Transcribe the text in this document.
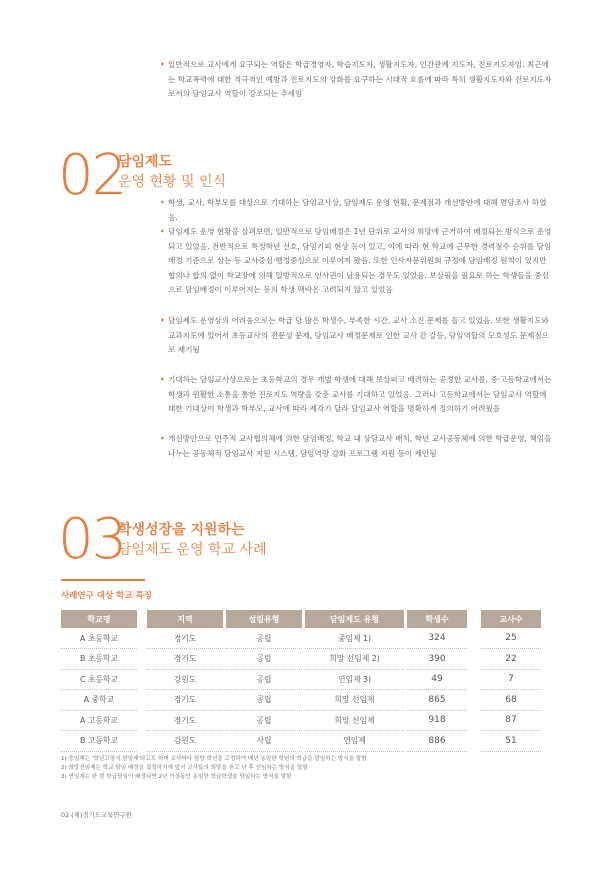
• 일반적으로 교사에게 요구되는 역할은 학급경영자, 학습지도자, 생활지도자, 인간관계 지도자, 진로지도자임. 최근에는 학교폭력에 대한 적극적인 예방과 진로지도의 강화를 요구하는 시대적 흐름에 따라 특히 생활지도자와 진로지도자로서의 담임교사 역할이 강조되는 추세임
02
담임제도
운영 현황 및 인식
• 학생, 교사, 학부모를 대상으로 기대하는 담임교사상, 담임제도 운영 현황, 문제점과 개선방안에 대해 면담조사 하였음.
• 담임제도 운영 현황을 살펴보면, 일반적으로 담임배정은 1년 단위로 교사의 희망에 근거하여 배정되는 방식으로 운영되고 있었음. 전반적으로 특정학년 선호, 담임기피 현상 등이 있고, 이에 따라 현 학교에 근무한 경력점수 순위를 담임배정 기준으로 삼는 등 교사중심·행정중심으로 이루어져 왔음. 또한 인사자문위원회 규정에 담임배정 원칙이 있지만 협의나 합의 없이 학교장에 의해 일방적으로 인사권이 남용되는 경우도 있었음. 보살핌을 필요로 하는 학생들을 중심으로 담임배정이 이루어지는 등의 학생 맥락은 고려되지 않고 있었음
• 담임제도 운영상의 어려움으로는 학급 당 많은 학생수, 부족한 시간, 교사 소진 문제를 들고 있었음. 또한 생활지도와 교과지도에 있어서 초등교사의 전문성 문제, 담임교사 배정문제로 인한 교사 간 갈등, 담임역할의 모호성도 문제점으로 제기됨
• 기대하는 담임교사상으로는 초등학교의 경우 개별 학생에 대해 보살피고 배려하는 공정한 교사를, 중·고등학교에서는 학생과 원활한 소통을 통한 진로지도 역량을 갖춘 교사를 기대하고 있었음. 그러나 고등학교에서는 담임교사 역할에 대한 기대상이 학생과 학부모, 교사에 따라 제각기 달라 담임교사 역할을 명확하게 정의하기 어려웠음
• 개선방안으로 민주적 교사협의체에 의한 담임배정, 학교 내 상담교사 배치, 학년 교사공동체에 의한 학급운영, 책임을 나누는 공동체적 담임교사 지원 시스템, 담임역량 강화 프로그램 지원 등이 제안됨
03
학생성장을 지원하는
담임제도 운영 학교 사례
사례연구 대상 학교 특징
학교명	지역	설립유형	담임제도 유형	학생수	교사수
A 초등학교	경기도	공립	중임제 1)	324	25
B 초등학교	경기도	공립	희망 선임제 2)	390	22
C 초등학교	강원도	공립	연임제 3)	49	7
A 중학교	경기도	공립	희망 선임제	865	68
A 고등학교	경기도	공립	희망 선임제	918	87
B 고등학교	강원도	사립	연임제	886	51
1) 중임제는 '학년고정식 담임제'라고도 하며 교사마다 담당 학년을 고정하여 매년 동일한 학년의 학급을 담임하는 방식을 말함
2) 희망선임제는 학교 담임 배정을 결정하기에 앞서 교사들의 희망을 듣고 난 후 선임하는 방식을 말함
3) 연임제는 한 번 학급담임이 배정되면 2년 이상동안 동일한 학급학생을 담임하는 방식을 말함
02 (재)경기도교육연구원
